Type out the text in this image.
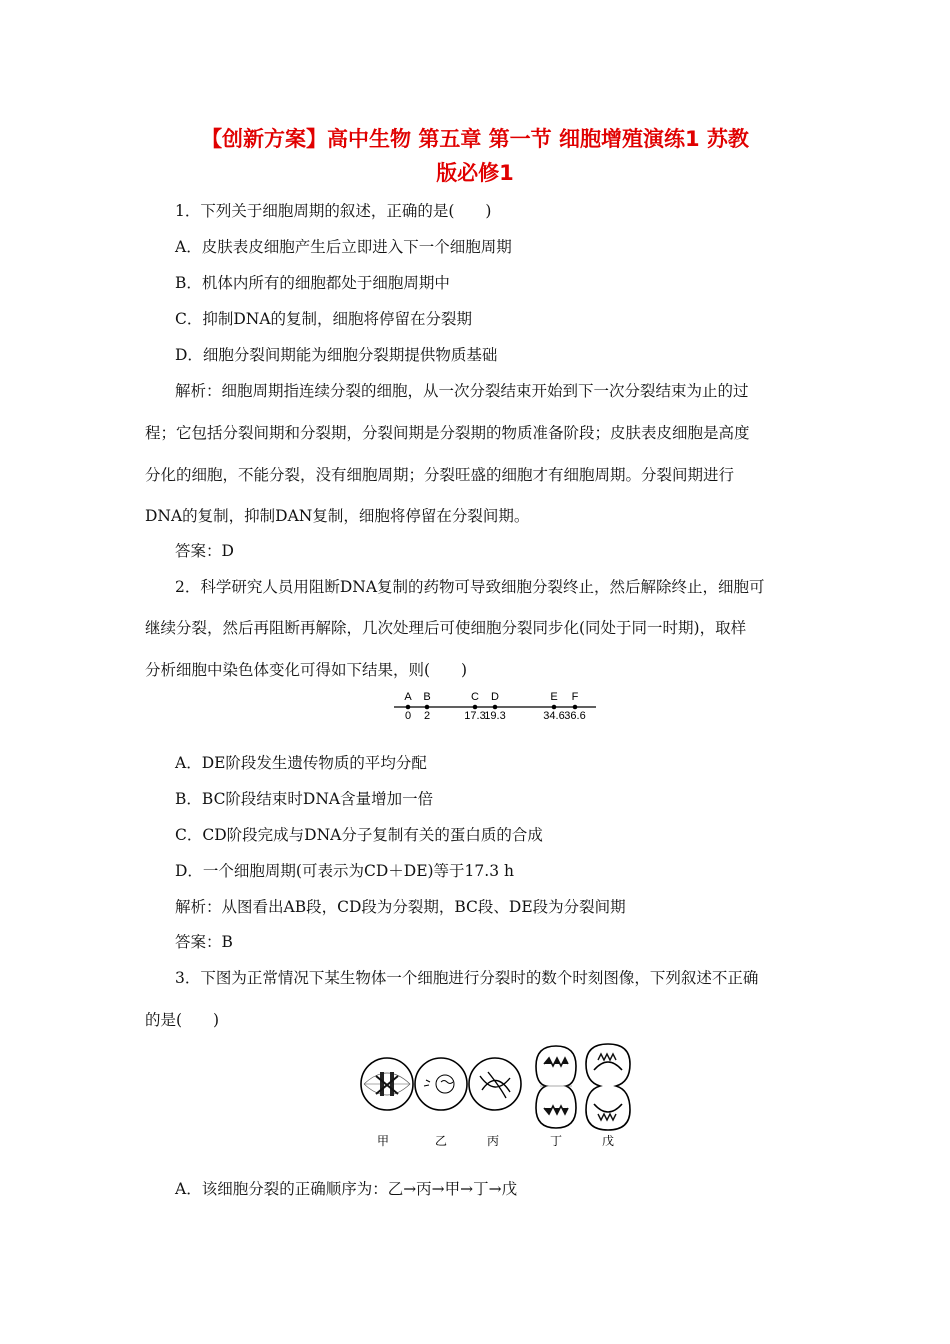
【创新方案】高中生物 第五章 第一节 细胞增殖演练1 苏教
版必修1
1．下列关于细胞周期的叙述，正确的是(　　)
A．皮肤表皮细胞产生后立即进入下一个细胞周期
B．机体内所有的细胞都处于细胞周期中
C．抑制DNA的复制，细胞将停留在分裂期
D．细胞分裂间期能为细胞分裂期提供物质基础
解析：细胞周期指连续分裂的细胞，从一次分裂结束开始到下一次分裂结束为止的过
程；它包括分裂间期和分裂期，分裂间期是分裂期的物质准备阶段；皮肤表皮细胞是高度
分化的细胞，不能分裂，没有细胞周期；分裂旺盛的细胞才有细胞周期。分裂间期进行
DNA的复制，抑制DAN复制，细胞将停留在分裂间期。
答案：D
2．科学研究人员用阻断DNA复制的药物可导致细胞分裂终止，然后解除终止，细胞可
继续分裂，然后再阻断再解除，几次处理后可使细胞分裂同步化(同处于同一时期)，取样
分析细胞中染色体变化可得如下结果，则(　　)
A
0
B
2
C
17.3
D
19.3
E
34.6
F
36.6
A．DE阶段发生遗传物质的平均分配
B．BC阶段结束时DNA含量增加一倍
C．CD阶段完成与DNA分子复制有关的蛋白质的合成
D．一个细胞周期(可表示为CD＋DE)等于17.3 h
解析：从图看出AB段，CD段为分裂期，BC段、DE段为分裂间期
答案：B
3．下图为正常情况下某生物体一个细胞进行分裂时的数个时刻图像，下列叙述不正确
的是(　　)
甲	乙	丙	丁	戊
A．该细胞分裂的正确顺序为：乙→丙→甲→丁→戊
